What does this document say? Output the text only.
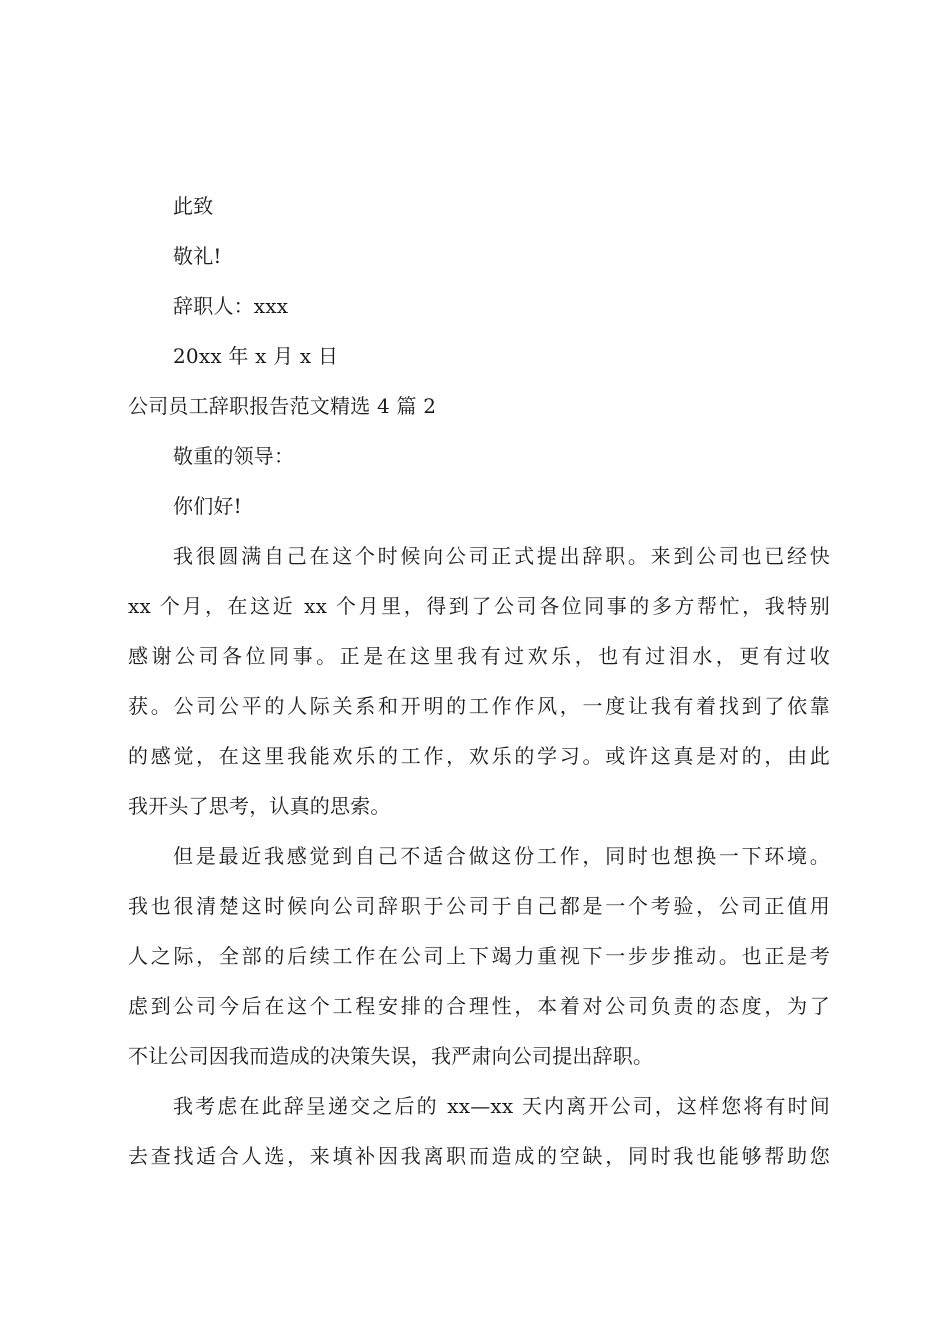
此致
敬礼!
辞职人：xxx
20xx 年 x 月 x 日
公司员工辞职报告范文精选 4 篇 2
敬重的领导：
你们好!
我很圆满自己在这个时候向公司正式提出辞职。来到公司也已经快
xx 个月，在这近 xx 个月里，得到了公司各位同事的多方帮忙，我特别
感谢公司各位同事。正是在这里我有过欢乐，也有过泪水，更有过收
获。公司公平的人际关系和开明的工作作风，一度让我有着找到了依靠
的感觉，在这里我能欢乐的工作，欢乐的学习。或许这真是对的，由此
我开头了思考，认真的思索。
但是最近我感觉到自己不适合做这份工作，同时也想换一下环境。
我也很清楚这时候向公司辞职于公司于自己都是一个考验，公司正值用
人之际，全部的后续工作在公司上下竭力重视下一步步推动。也正是考
虑到公司今后在这个工程安排的合理性，本着对公司负责的态度，为了
不让公司因我而造成的决策失误，我严肃向公司提出辞职。
我考虑在此辞呈递交之后的 xx—xx 天内离开公司，这样您将有时间
去查找适合人选，来填补因我离职而造成的空缺，同时我也能够帮助您
